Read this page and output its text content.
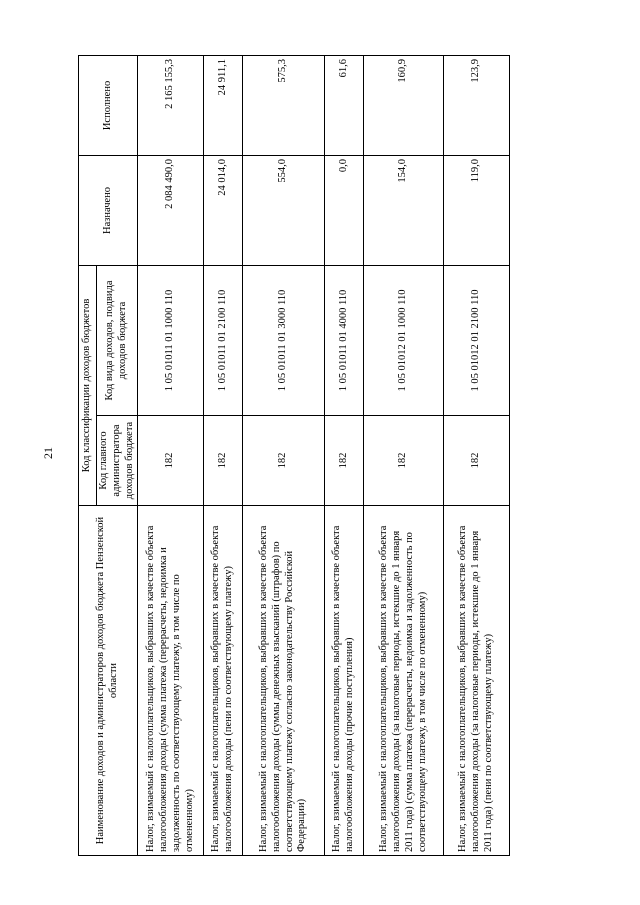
21
Наименование доходов и администраторов доходов бюджета Пензенской области	Код классификации доходов бюджетов		Назначено	Исполнено
	Код главного администратора доходов бюджета	Код вида доходов, подвида доходов бюджета		
Налог, взимаемый с налогоплательщиков, выбравших в качестве объекта налогообложения доходы (сумма платежа (перерасчеты, недоимка и задолженность по соответствующему платежу, в том числе по отмененному)	182	1 05 01011 01 1000 110	2 084 490,0	2 165 155,3
Налог, взимаемый с налогоплательщиков, выбравших в качестве объекта налогообложения доходы (пени по соответствующему платежу)	182	1 05 01011 01 2100 110	24 014,0	24 911,1
Налог, взимаемый с налогоплательщиков, выбравших в качестве объекта налогообложения доходы (суммы денежных взысканий (штрафов) по соответствующему платежу согласно законодательству Российской Федерации)	182	1 05 01011 01 3000 110	554,0	575,3
Налог, взимаемый с налогоплательщиков, выбравших в качестве объекта налогообложения доходы (прочие поступления)	182	1 05 01011 01 4000 110	0,0	61,6
Налог, взимаемый с налогоплательщиков, выбравших в качестве объекта налогообложения доходы (за налоговые периоды, истекшие до 1 января 2011 года) (сумма платежа (перерасчеты, недоимка и задолженность по соответствующему платежу, в том числе по отмененному)	182	1 05 01012 01 1000 110	154,0	160,9
Налог, взимаемый с налогоплательщиков, выбравших в качестве объекта налогообложения доходы (за налоговые периоды, истекшие до 1 января 2011 года) (пени по соответствующему платежу)	182	1 05 01012 01 2100 110	119,0	123,9
